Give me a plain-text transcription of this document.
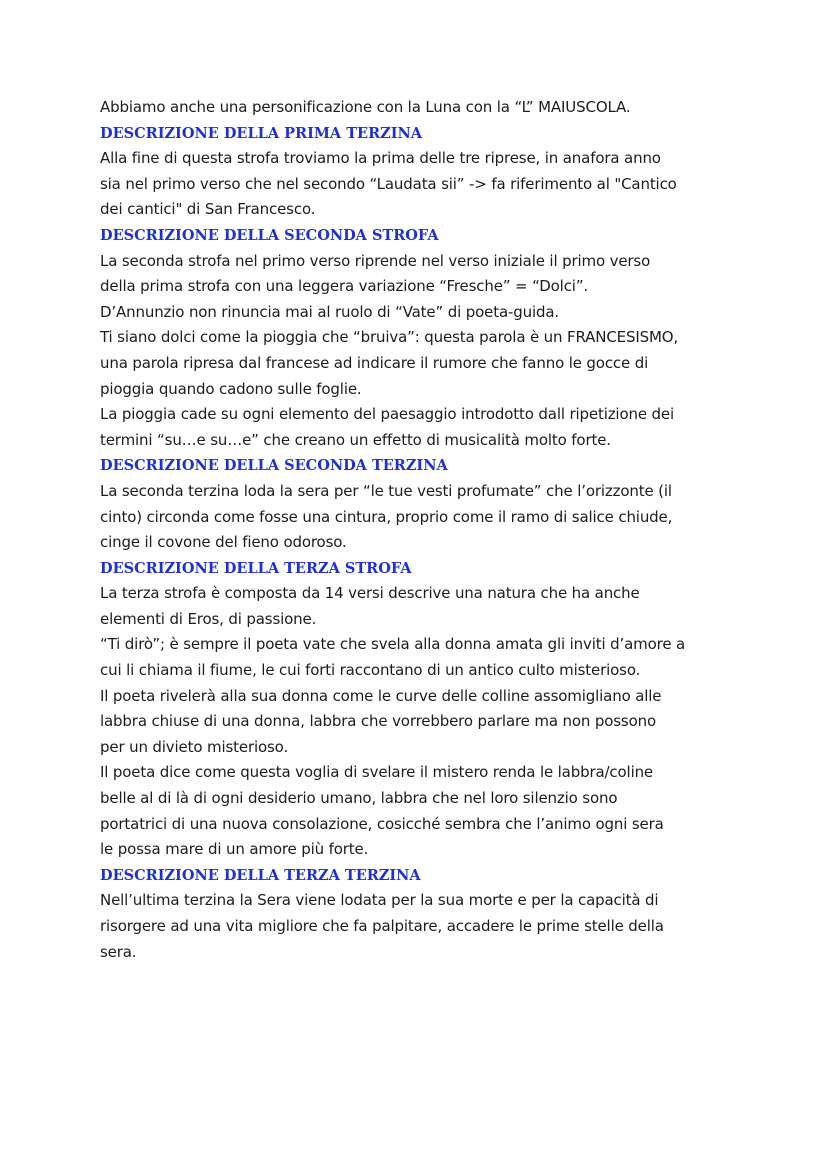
Abbiamo anche una personificazione con la Luna con la “L” MAIUSCOLA.
DESCRIZIONE DELLA PRIMA TERZINA
Alla fine di questa strofa troviamo la prima delle tre riprese, in anafora anno
sia nel primo verso che nel secondo “Laudata sii” -> fa riferimento al "Cantico
dei cantici" di San Francesco.
DESCRIZIONE DELLA SECONDA STROFA
La seconda strofa nel primo verso riprende nel verso iniziale il primo verso
della prima strofa con una leggera variazione “Fresche” = “Dolci”.
D’Annunzio non rinuncia mai al ruolo di “Vate” di poeta-guida.
Ti siano dolci come la pioggia che “bruiva”: questa parola è un FRANCESISMO,
una parola ripresa dal francese ad indicare il rumore che fanno le gocce di
pioggia quando cadono sulle foglie.
La pioggia cade su ogni elemento del paesaggio introdotto dall ripetizione dei
termini “su…e su…e” che creano un effetto di musicalità molto forte.
DESCRIZIONE DELLA SECONDA TERZINA
La seconda terzina loda la sera per “le tue vesti profumate” che l’orizzonte (il
cinto) circonda come fosse una cintura, proprio come il ramo di salice chiude,
cinge il covone del fieno odoroso.
DESCRIZIONE DELLA TERZA STROFA
La terza strofa è composta da 14 versi descrive una natura che ha anche
elementi di Eros, di passione.
“Ti dirò”; è sempre il poeta vate che svela alla donna amata gli inviti d’amore a
cui li chiama il fiume, le cui forti raccontano di un antico culto misterioso.
Il poeta rivelerà alla sua donna come le curve delle colline assomigliano alle
labbra chiuse di una donna, labbra che vorrebbero parlare ma non possono
per un divieto misterioso.
Il poeta dice come questa voglia di svelare il mistero renda le labbra/coline
belle al di là di ogni desiderio umano, labbra che nel loro silenzio sono
portatrici di una nuova consolazione, cosicché sembra che l’animo ogni sera
le possa mare di un amore più forte.
DESCRIZIONE DELLA TERZA TERZINA
Nell’ultima terzina la Sera viene lodata per la sua morte e per la capacità di
risorgere ad una vita migliore che fa palpitare, accadere le prime stelle della
sera.
